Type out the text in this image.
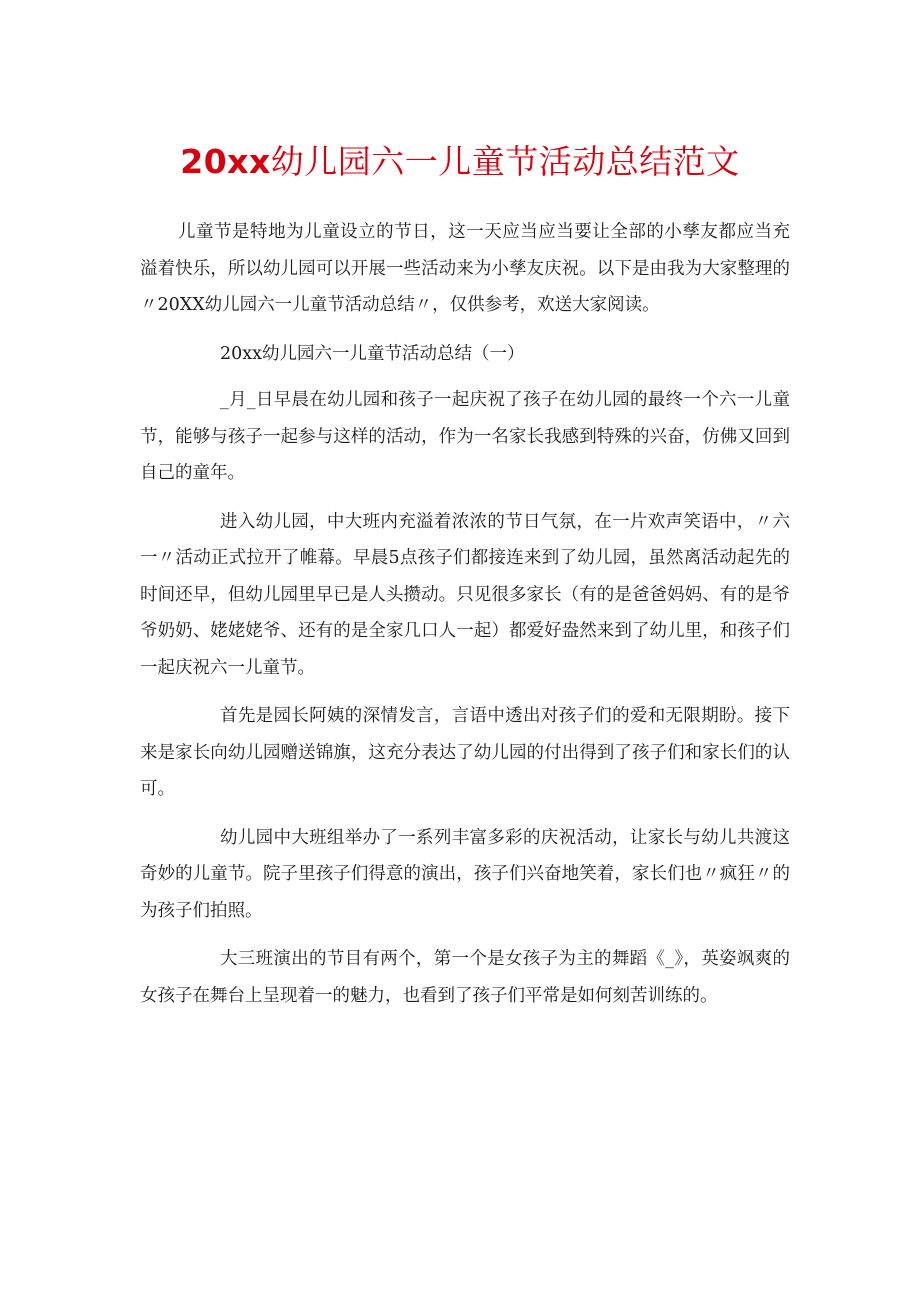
20xx幼儿园六一儿童节活动总结范文

儿童节是特地为儿童设立的节日，这一天应当应当要让全部的小孳友都应当充溢着快乐，所以幼儿园可以开展一些活动来为小孳友庆祝。以下是由我为大家整理的〃20XX幼儿园六一儿童节活动总结〃，仅供参考，欢送大家阅读。

20xx幼儿园六一儿童节活动总结（一）

_月_日早晨在幼儿园和孩子一起庆祝了孩子在幼儿园的最终一个六一儿童节，能够与孩子一起参与这样的活动，作为一名家长我感到特殊的兴奋，仿佛又回到自己的童年。

进入幼儿园，中大班内充溢着浓浓的节日气氛，在一片欢声笑语中，〃六一〃活动正式拉开了帷幕。早晨5点孩子们都接连来到了幼儿园，虽然离活动起先的时间还早，但幼儿园里早已是人头攒动。只见很多家长（有的是爸爸妈妈、有的是爷爷奶奶、姥姥姥爷、还有的是全家几口人一起）都爱好盎然来到了幼儿里，和孩子们一起庆祝六一儿童节。

首先是园长阿姨的深情发言，言语中透出对孩子们的爱和无限期盼。接下来是家长向幼儿园赠送锦旗，这充分表达了幼儿园的付出得到了孩子们和家长们的认可。

幼儿园中大班组举办了一系列丰富多彩的庆祝活动，让家长与幼儿共渡这奇妙的儿童节。院子里孩子们得意的演出，孩子们兴奋地笑着，家长们也〃疯狂〃的为孩子们拍照。

大三班演出的节目有两个，第一个是女孩子为主的舞蹈《_》，英姿飒爽的女孩子在舞台上呈现着一的魅力，也看到了孩子们平常是如何刻苦训练的。
